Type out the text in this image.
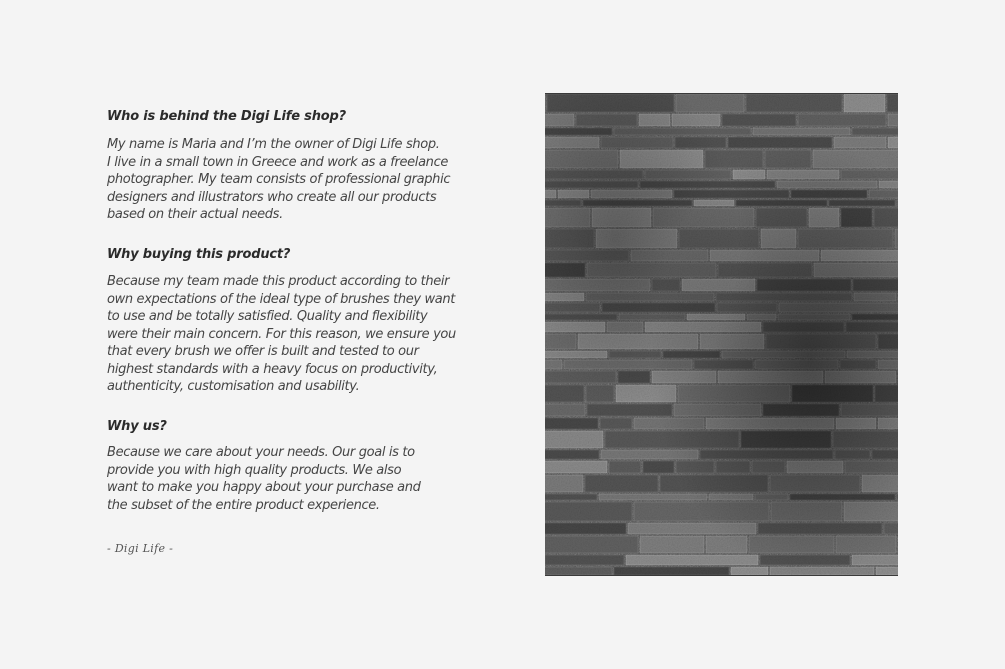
Who is behind the Digi Life shop?

My name is Maria and I’m the owner of Digi Life shop.
I live in a small town in Greece and work as a freelance
photographer. My team consists of professional graphic
designers and illustrators who create all our products
based on their actual needs.

Why buying this product?

Because my team made this product according to their
own expectations of the ideal type of brushes they want
to use and be totally satisfied. Quality and flexibility
were their main concern. For this reason, we ensure you
that every brush we offer is built and tested to our
highest standards with a heavy focus on productivity,
authenticity, customisation and usability.

Why us?

Because we care about your needs. Our goal is to
provide you with high quality products. We also
want to make you happy about your purchase and
the subset of the entire product experience.

- Digi Life -
